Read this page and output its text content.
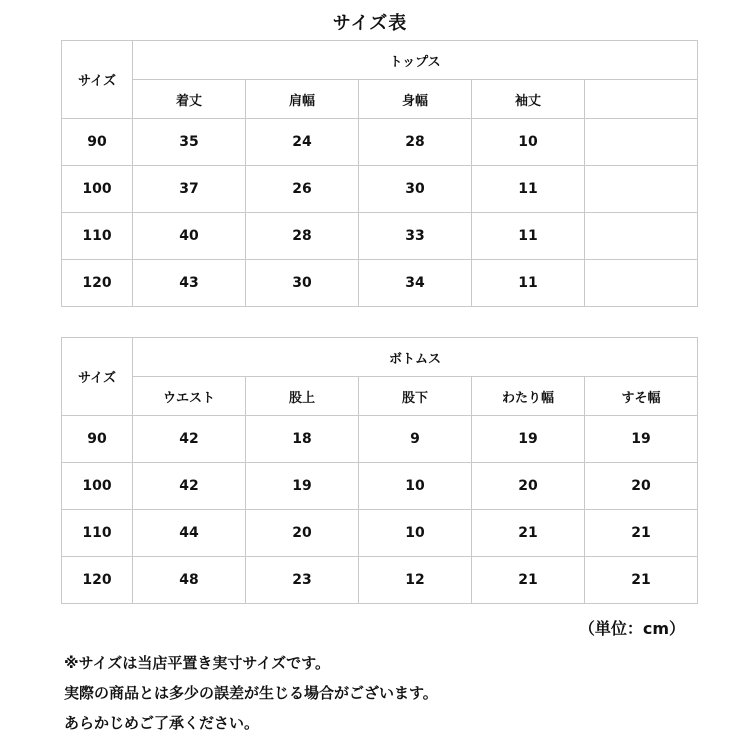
サイズ表
サイズ	トップス				
	着丈	肩幅	身幅	袖丈	
90	35	24	28	10	
100	37	26	30	11	
110	40	28	33	11	
120	43	30	34	11	
サイズ	ボトムス				
	ウエスト	股上	股下	わたり幅	すそ幅
90	42	18	9	19	19
100	42	19	10	20	20
110	44	20	10	21	21
120	48	23	12	21	21
（単位：cm）
※サイズは当店平置き実寸サイズです。
実際の商品とは多少の誤差が生じる場合がございます。
あらかじめご了承ください。
